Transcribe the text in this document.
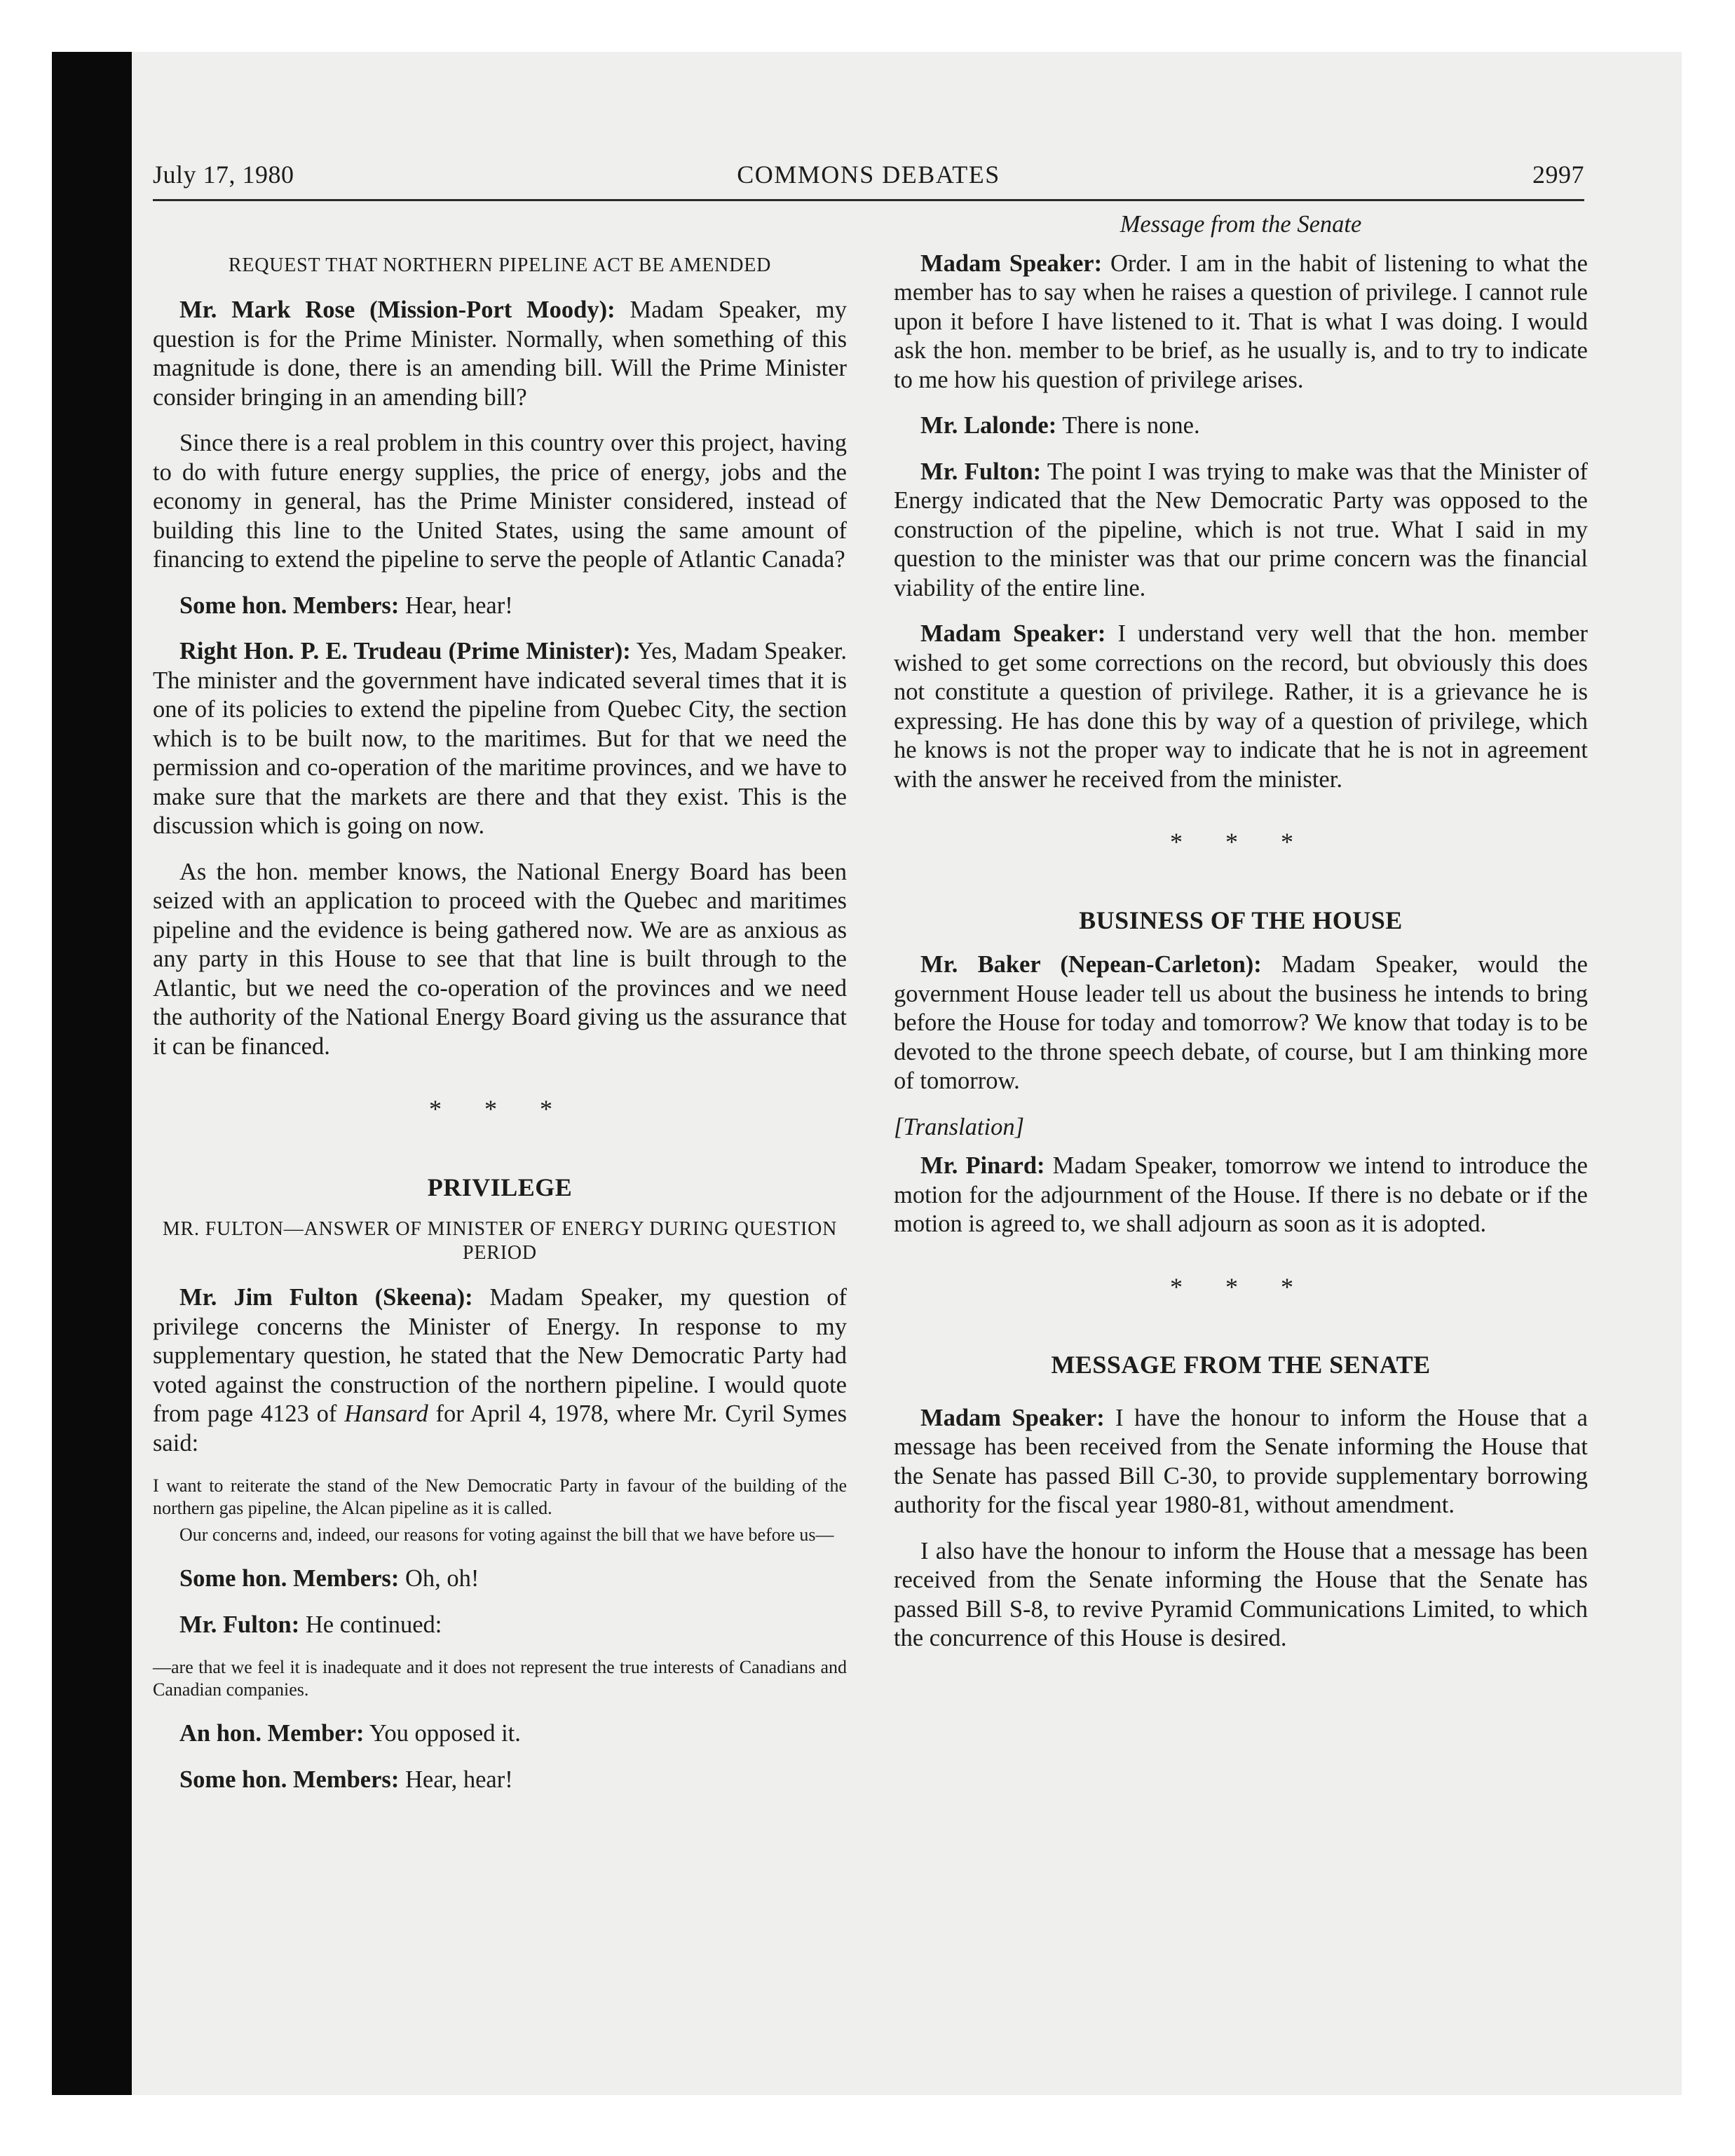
July 17, 1980	COMMONS DEBATES	2997
REQUEST THAT NORTHERN PIPELINE ACT BE AMENDED

Mr. Mark Rose (Mission-Port Moody): Madam Speaker, my question is for the Prime Minister. Normally, when something of this magnitude is done, there is an amending bill. Will the Prime Minister consider bringing in an amending bill?

Since there is a real problem in this country over this project, having to do with future energy supplies, the price of energy, jobs and the economy in general, has the Prime Minister considered, instead of building this line to the United States, using the same amount of financing to extend the pipeline to serve the people of Atlantic Canada?

Some hon. Members: Hear, hear!

Right Hon. P. E. Trudeau (Prime Minister): Yes, Madam Speaker. The minister and the government have indicated several times that it is one of its policies to extend the pipeline from Quebec City, the section which is to be built now, to the maritimes. But for that we need the permission and co-operation of the maritime provinces, and we have to make sure that the markets are there and that they exist. This is the discussion which is going on now.

As the hon. member knows, the National Energy Board has been seized with an application to proceed with the Quebec and maritimes pipeline and the evidence is being gathered now. We are as anxious as any party in this House to see that that line is built through to the Atlantic, but we need the co-operation of the provinces and we need the authority of the National Energy Board giving us the assurance that it can be financed.

* * *
PRIVILEGE
MR. FULTON—ANSWER OF MINISTER OF ENERGY DURING QUESTION PERIOD

Mr. Jim Fulton (Skeena): Madam Speaker, my question of privilege concerns the Minister of Energy. In response to my supplementary question, he stated that the New Democratic Party had voted against the construction of the northern pipeline. I would quote from page 4123 of Hansard for April 4, 1978, where Mr. Cyril Symes said:

I want to reiterate the stand of the New Democratic Party in favour of the building of the northern gas pipeline, the Alcan pipeline as it is called.
Our concerns and, indeed, our reasons for voting against the bill that we have before us—

Some hon. Members: Oh, oh!

Mr. Fulton: He continued:

—are that we feel it is inadequate and it does not represent the true interests of Canadians and Canadian companies.

An hon. Member: You opposed it.

Some hon. Members: Hear, hear!

Message from the Senate

Madam Speaker: Order. I am in the habit of listening to what the member has to say when he raises a question of privilege. I cannot rule upon it before I have listened to it. That is what I was doing. I would ask the hon. member to be brief, as he usually is, and to try to indicate to me how his question of privilege arises.

Mr. Lalonde: There is none.

Mr. Fulton: The point I was trying to make was that the Minister of Energy indicated that the New Democratic Party was opposed to the construction of the pipeline, which is not true. What I said in my question to the minister was that our prime concern was the financial viability of the entire line.

Madam Speaker: I understand very well that the hon. member wished to get some corrections on the record, but obviously this does not constitute a question of privilege. Rather, it is a grievance he is expressing. He has done this by way of a question of privilege, which he knows is not the proper way to indicate that he is not in agreement with the answer he received from the minister.

* * *
BUSINESS OF THE HOUSE

Mr. Baker (Nepean-Carleton): Madam Speaker, would the government House leader tell us about the business he intends to bring before the House for today and tomorrow? We know that today is to be devoted to the throne speech debate, of course, but I am thinking more of tomorrow.

[Translation]

Mr. Pinard: Madam Speaker, tomorrow we intend to introduce the motion for the adjournment of the House. If there is no debate or if the motion is agreed to, we shall adjourn as soon as it is adopted.

* * *
MESSAGE FROM THE SENATE

Madam Speaker: I have the honour to inform the House that a message has been received from the Senate informing the House that the Senate has passed Bill C-30, to provide supplementary borrowing authority for the fiscal year 1980-81, without amendment.

I also have the honour to inform the House that a message has been received from the Senate informing the House that the Senate has passed Bill S-8, to revive Pyramid Communications Limited, to which the concurrence of this House is desired.
